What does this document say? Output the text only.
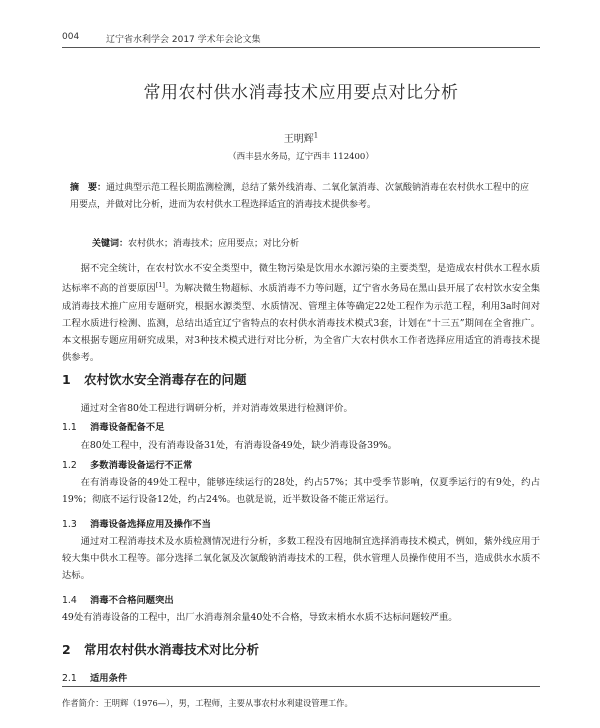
004	辽宁省水利学会 2017 学术年会论文集
常用农村供水消毒技术应用要点对比分析
王明辉$^1$
（西丰县水务局，辽宁西丰 112400）
摘　要：通过典型示范工程长期监测检测，总结了紫外线消毒、二氧化氯消毒、次氯酸钠消毒在农村供水工程中的应用要点，并做对比分析，进而为农村供水工程选择适宜的消毒技术提供参考。
关键词：农村供水；消毒技术；应用要点；对比分析
据不完全统计，在农村饮水不安全类型中，微生物污染是饮用水水源污染的主要类型，是造成农村供水工程水质达标率不高的首要原因[1]。为解决微生物超标、水质消毒不力等问题，辽宁省水务局在黑山县开展了农村饮水安全集成消毒技术推广应用专题研究，根据水源类型、水质情况、管理主体等确定22处工程作为示范工程，利用3a时间对工程水质进行检测、监测，总结出适宜辽宁省特点的农村供水消毒技术模式3套，计划在“十三五”期间在全省推广。本文根据专题应用研究成果，对3种技术模式进行对比分析，为全省广大农村供水工作者选择应用适宜的消毒技术提供参考。
1 农村饮水安全消毒存在的问题
通过对全省80处工程进行调研分析，并对消毒效果进行检测评价。
1.1 消毒设备配备不足
在80处工程中，没有消毒设备31处，有消毒设备49处，缺少消毒设备39%。
1.2 多数消毒设备运行不正常
在有消毒设备的49处工程中，能够连续运行的28处，约占57%；其中受季节影响，仅夏季运行的有9处，约占19%；彻底不运行设备12处，约占24%。也就是说，近半数设备不能正常运行。
1.3 消毒设备选择应用及操作不当
通过对工程消毒技术及水质检测情况进行分析，多数工程没有因地制宜选择消毒技术模式，例如，紫外线应用于较大集中供水工程等。部分选择二氧化氯及次氯酸钠消毒技术的工程，供水管理人员操作使用不当，造成供水水质不达标。
1.4 消毒不合格问题突出
49处有消毒设备的工程中，出厂水消毒剂余量40处不合格，导致末梢水水质不达标问题较严重。
2 常用农村供水消毒技术对比分析
2.1 适用条件
作者简介：王明辉（1976—），男，工程师，主要从事农村水利建设管理工作。
